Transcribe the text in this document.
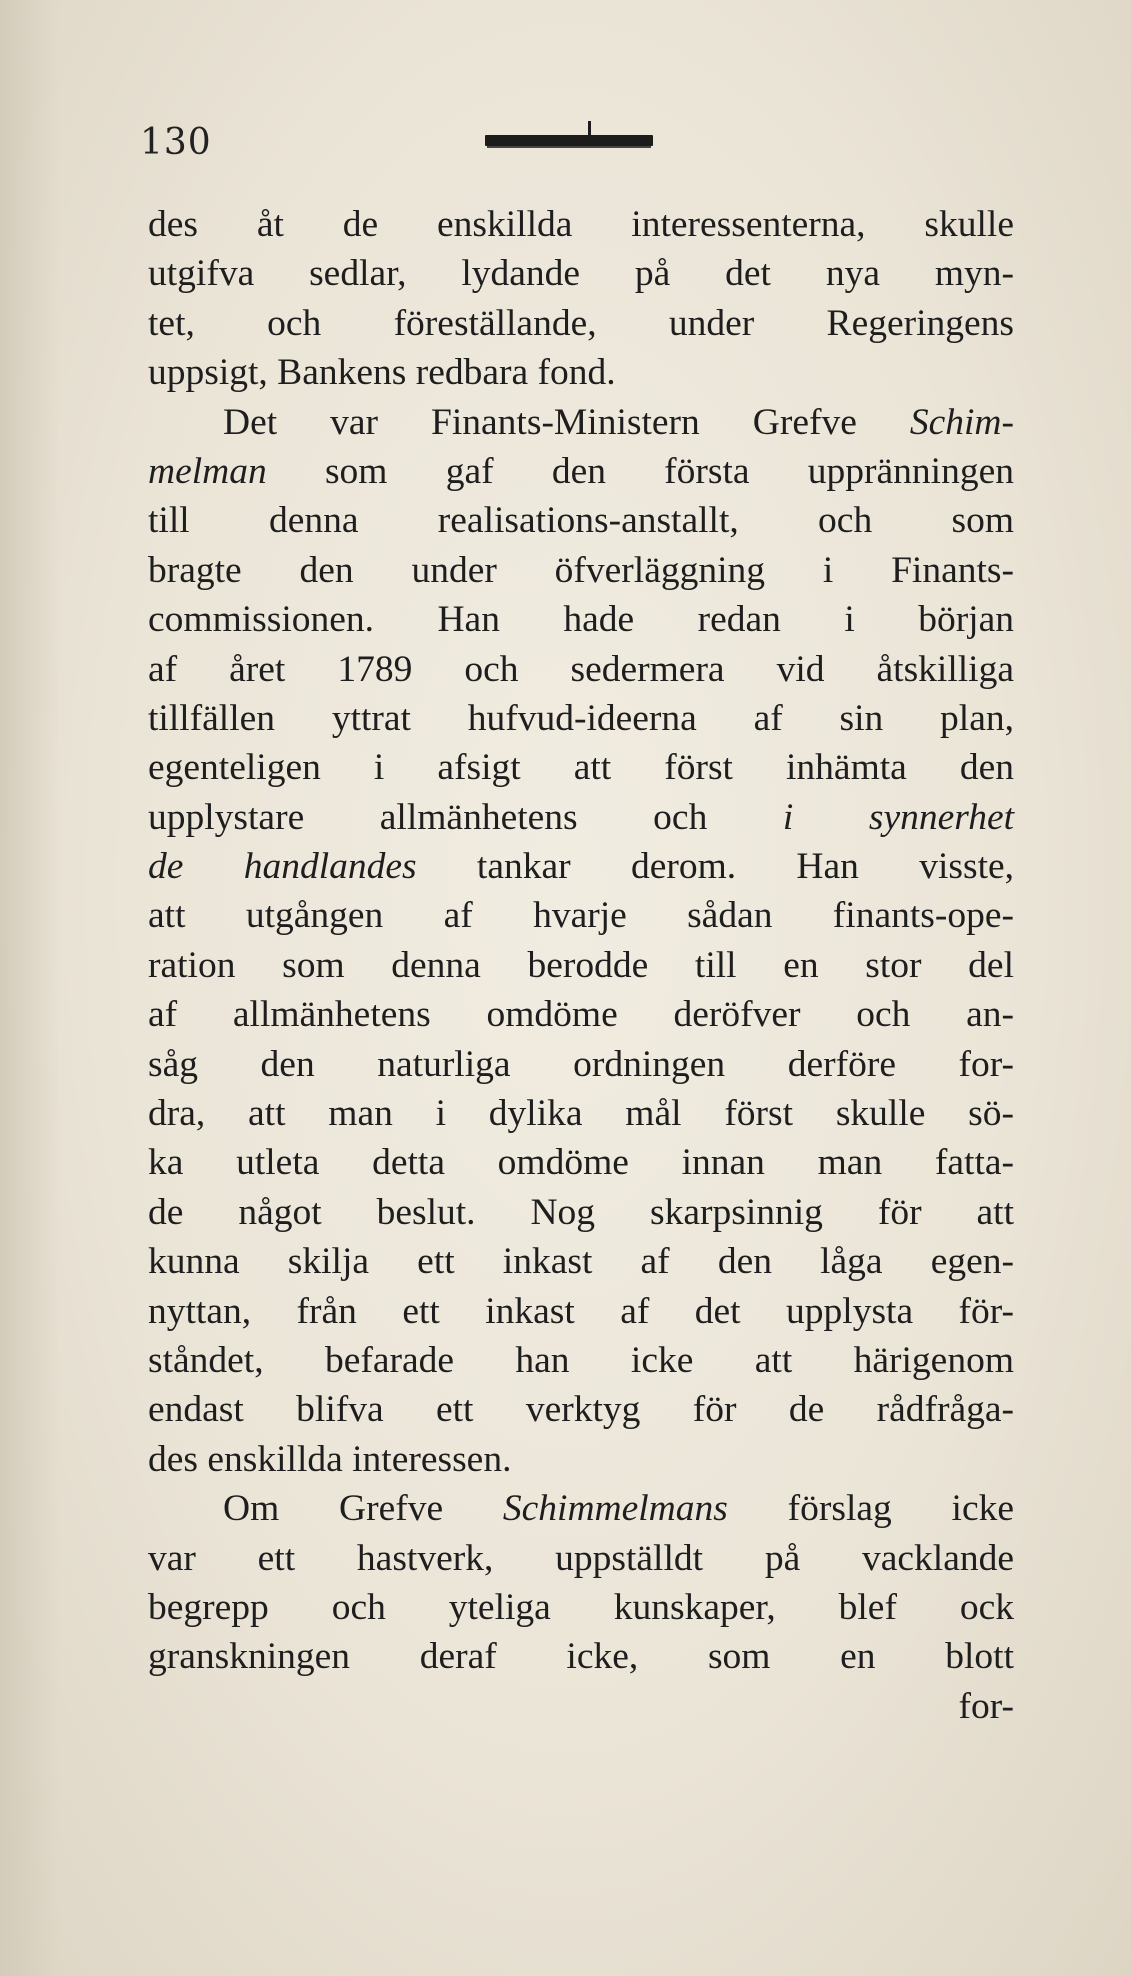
130
des åt de enskillda interessenterna, skulle
utgifva sedlar, lydande på det nya myn-
tet, och föreställande, under Regeringens
uppsigt, Bankens redbara fond.
Det var Finants-Ministern Grefve Schim-
melman som gaf den första uppränningen
till denna realisations-anstallt, och som
bragte den under öfverläggning i Finants-
commissionen. Han hade redan i början
af året 1789 och sedermera vid åtskilliga
tillfällen yttrat hufvud-ideerna af sin plan,
egenteligen i afsigt att först inhämta den
upplystare allmänhetens och i synnerhet
de handlandes tankar derom. Han visste,
att utgången af hvarje sådan finants-ope-
ration som denna berodde till en stor del
af allmänhetens omdöme deröfver och an-
såg den naturliga ordningen derföre for-
dra, att man i dylika mål först skulle sö-
ka utleta detta omdöme innan man fatta-
de något beslut. Nog skarpsinnig för att
kunna skilja ett inkast af den låga egen-
nyttan, från ett inkast af det upplysta för-
ståndet, befarade han icke att härigenom
endast blifva ett verktyg för de rådfråga-
des enskillda interessen.
Om Grefve Schimmelmans förslag icke
var ett hastverk, uppställdt på vacklande
begrepp och yteliga kunskaper, blef ock
granskningen deraf icke, som en blott
for-
